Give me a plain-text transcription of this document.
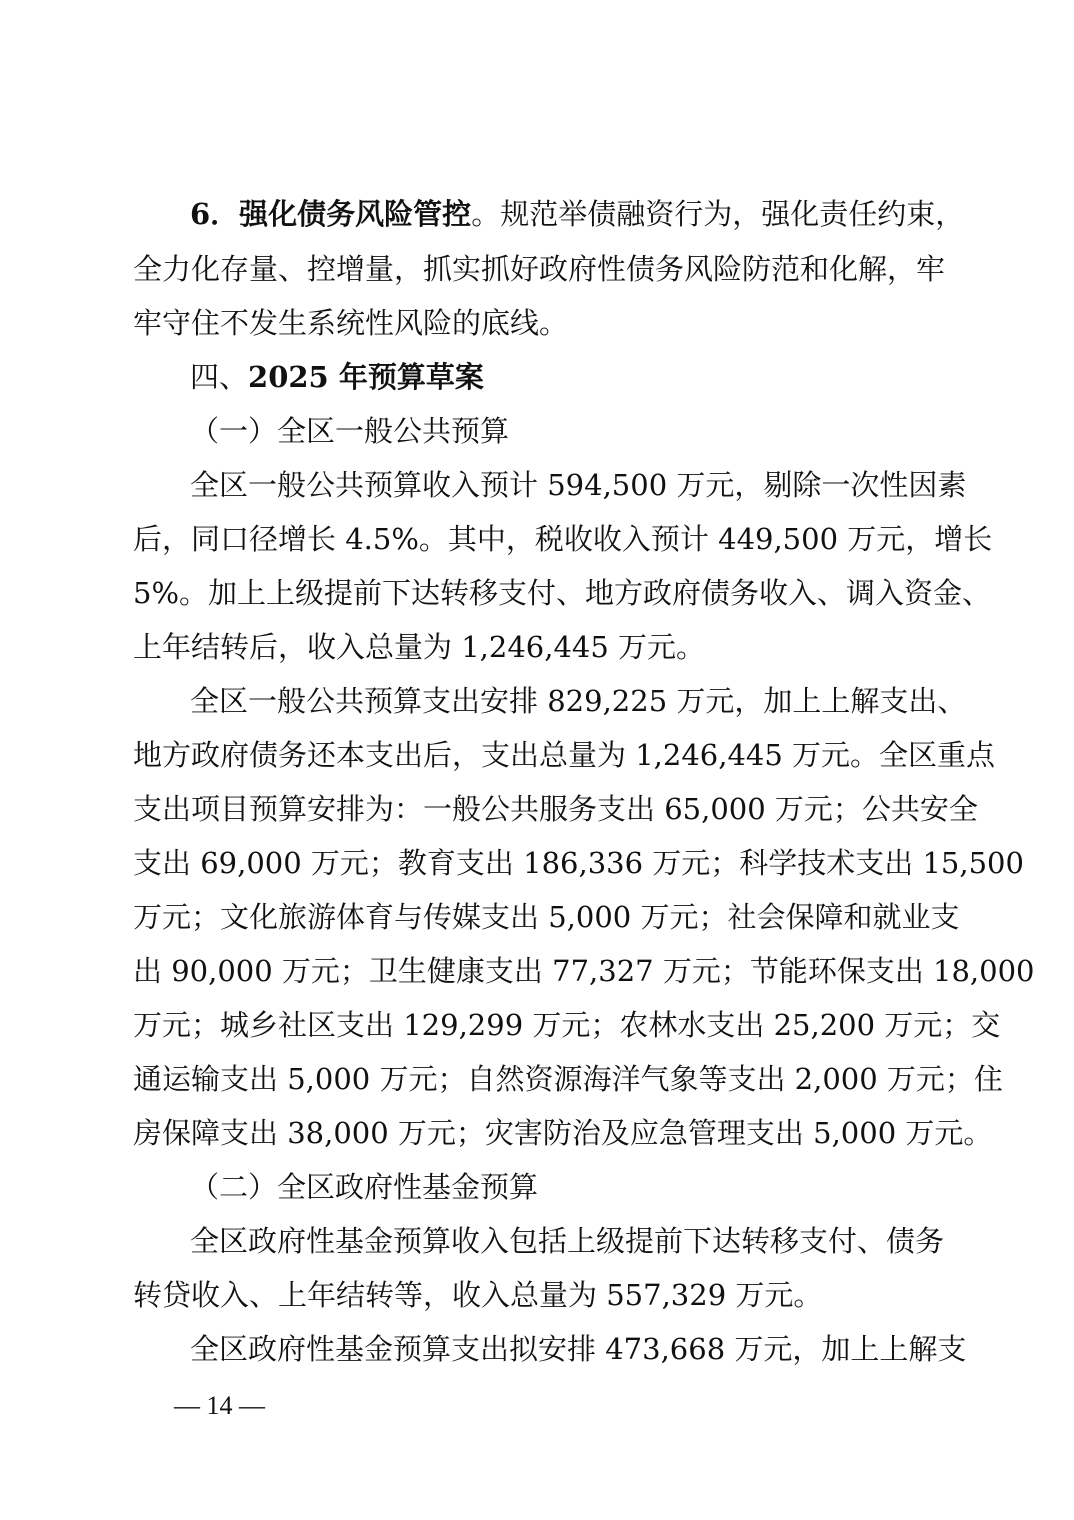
6．强化债务风险管控。规范举债融资行为，强化责任约束，
全力化存量、控增量，抓实抓好政府性债务风险防范和化解，牢
牢守住不发生系统性风险的底线。
四、2025 年预算草案
（一）全区一般公共预算
全区一般公共预算收入预计 594,500 万元，剔除一次性因素
后，同口径增长 4.5%。其中，税收收入预计 449,500 万元，增长
5%。加上上级提前下达转移支付、地方政府债务收入、调入资金、
上年结转后，收入总量为 1,246,445 万元。
全区一般公共预算支出安排 829,225 万元，加上上解支出、
地方政府债务还本支出后，支出总量为 1,246,445 万元。全区重点
支出项目预算安排为：一般公共服务支出 65,000 万元；公共安全
支出 69,000 万元；教育支出 186,336 万元；科学技术支出 15,500
万元；文化旅游体育与传媒支出 5,000 万元；社会保障和就业支
出 90,000 万元；卫生健康支出 77,327 万元；节能环保支出 18,000
万元；城乡社区支出 129,299 万元；农林水支出 25,200 万元；交
通运输支出 5,000 万元；自然资源海洋气象等支出 2,000 万元；住
房保障支出 38,000 万元；灾害防治及应急管理支出 5,000 万元。
（二）全区政府性基金预算
全区政府性基金预算收入包括上级提前下达转移支付、债务
转贷收入、上年结转等，收入总量为 557,329 万元。
全区政府性基金预算支出拟安排 473,668 万元，加上上解支
— 14 —
